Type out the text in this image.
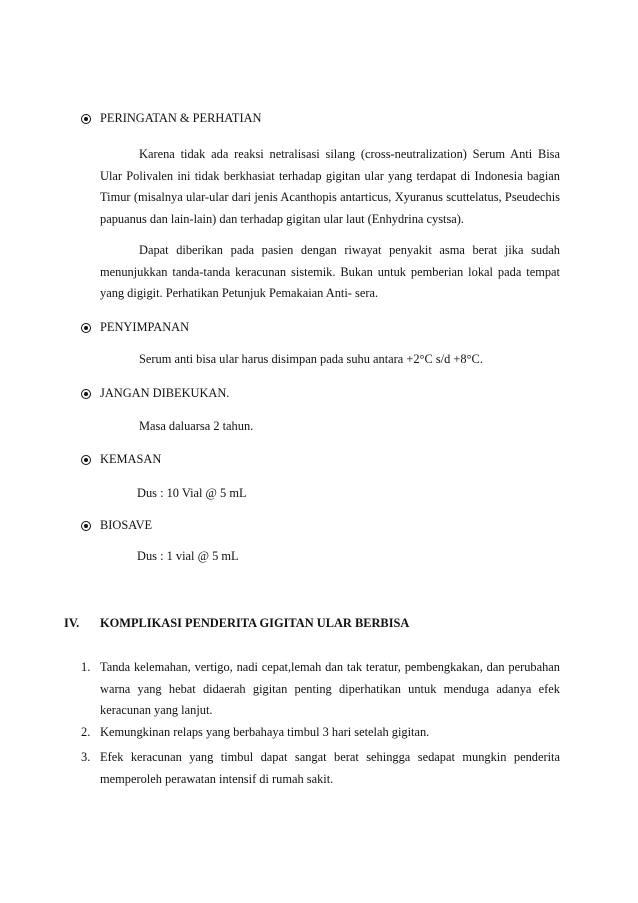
PERINGATAN & PERHATIAN

Karena tidak ada reaksi netralisasi silang (cross-neutralization) Serum Anti Bisa Ular Polivalen ini tidak berkhasiat terhadap gigitan ular yang terdapat di Indonesia bagian Timur (misalnya ular-ular dari jenis Acanthopis antarticus, Xyuranus scuttelatus, Pseudechis papuanus dan lain-lain) dan terhadap gigitan ular laut (Enhydrina cystsa).

Dapat diberikan pada pasien dengan riwayat penyakit asma berat jika sudah menunjukkan tanda-tanda keracunan sistemik. Bukan untuk pemberian lokal pada tempat yang digigit. Perhatikan Petunjuk Pemakaian Anti- sera.

PENYIMPANAN

Serum anti bisa ular harus disimpan pada suhu antara +2°C s/d +8°C.

JANGAN DIBEKUKAN.

Masa daluarsa 2 tahun.

KEMASAN

Dus : 10 Vial @ 5 mL

BIOSAVE

Dus : 1 vial @ 5 mL

IV.	KOMPLIKASI PENDERITA GIGITAN ULAR BERBISA
1. Tanda kelemahan, vertigo, nadi cepat,lemah dan tak teratur, pembengkakan, dan perubahan warna yang hebat didaerah gigitan penting diperhatikan untuk menduga adanya efek keracunan yang lanjut.

2. Kemungkinan relaps yang berbahaya timbul 3 hari setelah gigitan.

3. Efek keracunan yang timbul dapat sangat berat sehingga sedapat mungkin penderita memperoleh perawatan intensif di rumah sakit.
